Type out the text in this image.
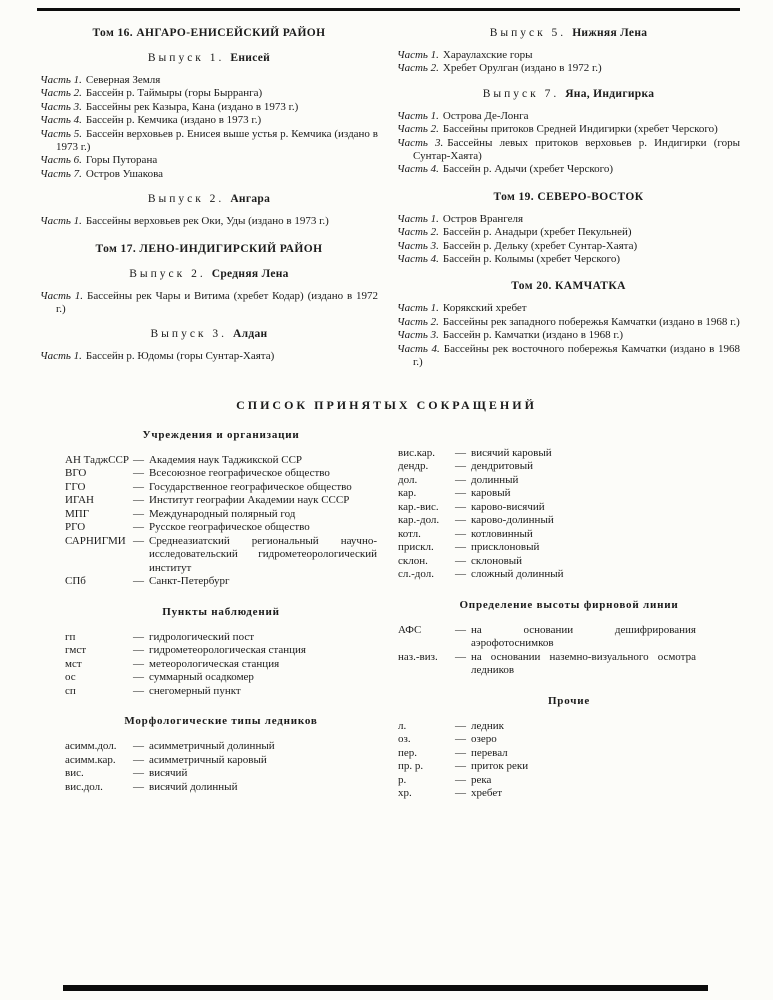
Том 16. АНГАРО-ЕНИСЕЙСКИЙ РАЙОН
Выпуск 1. Енисей
Часть 1. Северная Земля
Часть 2. Бассейн р. Таймыры (горы Бырранга)
Часть 3. Бассейны рек Казыра, Кана (издано в 1973 г.)
Часть 4. Бассейн р. Кемчика (издано в 1973 г.)
Часть 5. Бассейн верховьев р. Енисея выше устья р. Кемчика (издано в 1973 г.)
Часть 6. Горы Путорана
Часть 7. Остров Ушакова
Выпуск 2. Ангара
Часть 1. Бассейны верховьев рек Оки, Уды (издано в 1973 г.)
Том 17. ЛЕНО-ИНДИГИРСКИЙ РАЙОН
Выпуск 2. Средняя Лена
Часть 1. Бассейны рек Чары и Витима (хребет Кодар) (издано в 1972 г.)
Выпуск 3. Алдан
Часть 1. Бассейн р. Юдомы (горы Сунтар-Хаята)
Выпуск 5. Нижняя Лена
Часть 1. Хараулахские горы
Часть 2. Хребет Орулган (издано в 1972 г.)
Выпуск 7. Яна, Индигирка
Часть 1. Острова Де-Лонга
Часть 2. Бассейны притоков Средней Индигирки (хребет Черского)
Часть 3. Бассейны левых притоков верховьев р. Индигирки (горы Сунтар-Хаята)
Часть 4. Бассейн р. Адычи (хребет Черского)
Том 19. СЕВЕРО-ВОСТОК
Часть 1. Остров Врангеля
Часть 2. Бассейн р. Анадыри (хребет Пекульней)
Часть 3. Бассейн р. Дельку (хребет Сунтар-Хаята)
Часть 4. Бассейн р. Колымы (хребет Черского)
Том 20. КАМЧАТКА
Часть 1. Корякский хребет
Часть 2. Бассейны рек западного побережья Камчатки (издано в 1968 г.)
Часть 3. Бассейн р. Камчатки (издано в 1968 г.)
Часть 4. Бассейны рек восточного побережья Камчатки (издано в 1968 г.)
СПИСОК ПРИНЯТЫХ СОКРАЩЕНИЙ
Учреждения и организации
АН ТаджССР — Академия наук Таджикской ССР
ВГО	— Всесоюзное географическое общество
ГГО	— Государственное географическое общество
ИГАН	— Институт географии Академии наук СССР
МПГ	— Международный полярный год
РГО	— Русское географическое общество
САРНИГМИ — Среднеазиатский региональный научно-исследовательский гидрометеорологический институт
СПб	— Санкт-Петербург
Пункты наблюдений
гп	— гидрологический пост
гмст	— гидрометеорологическая станция
мст	— метеорологическая станция
ос	— суммарный осадкомер
сп	— снегомерный пункт
Морфологические типы ледников
асимм.дол.	— асимметричный долинный
асимм.кар.	— асимметричный каровый
вис.	— висячий
вис.дол.	— висячий долинный
вис.кар.	— висячий каровый
дендр.	— дендритовый
дол.	— долинный
кар.	— каровый
кар.-вис.	— карово-висячий
кар.-дол.	— карово-долинный
котл.	— котловинный
прискл.	— присклоновый
склон.	— склоновый
сл.-дол.	— сложный долинный
Определение высоты фирновой линии
АФС	— на основании дешифрирования аэрофотоснимков
наз.-виз.	— на основании наземно-визуального осмотра ледников
Прочие
л.	— ледник
оз.	— озеро
пер.	— перевал
пр. р.	— приток реки
р.	— река
хр.	— хребет
